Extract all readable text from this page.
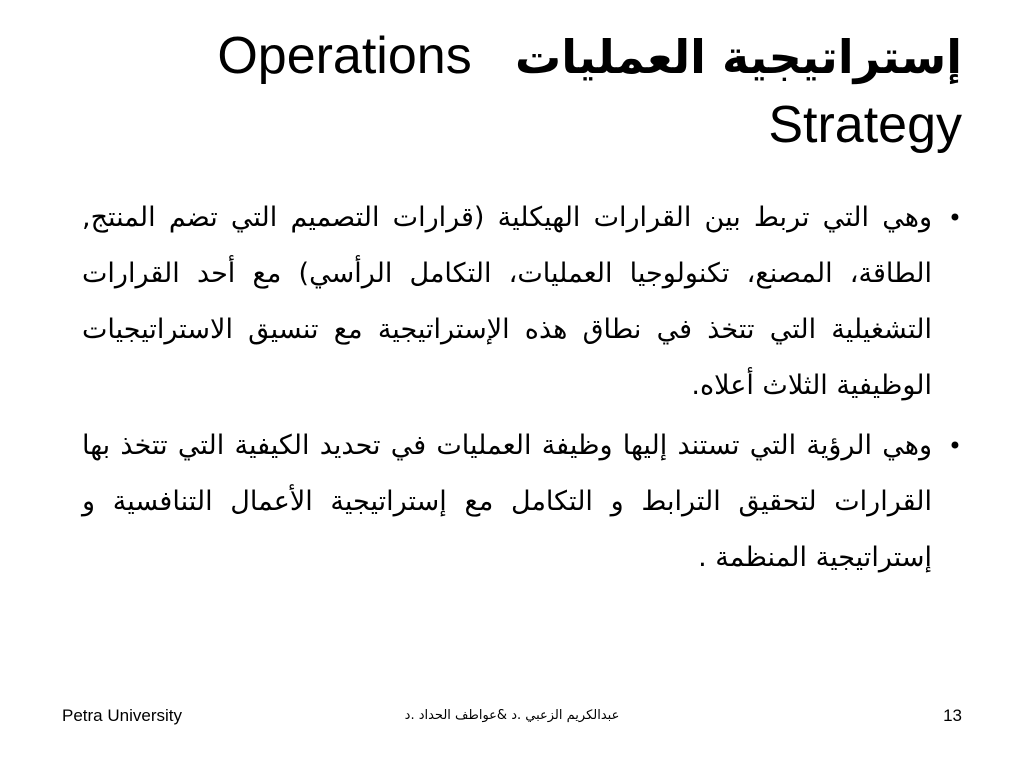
إستراتيجية العمليات   Operations
Strategy
•
وهي التي تربط بين القرارات الهيكلية (قرارات التصميم التي تضم المنتج, الطاقة، المصنع، تكنولوجيا العمليات، التكامل الرأسي) مع أحد القرارات التشغيلية التي تتخذ في نطاق هذه الإستراتيجية مع تنسيق الاستراتيجيات الوظيفية الثلاث أعلاه.
•
وهي الرؤية التي تستند إليها وظيفة العمليات في تحديد الكيفية التي تتخذ بها القرارات لتحقيق الترابط و التكامل مع إستراتيجية الأعمال التنافسية و إستراتيجية المنظمة .
Petra University	عبدالكريم الزعبي .د &عواطف الحداد .د	13
